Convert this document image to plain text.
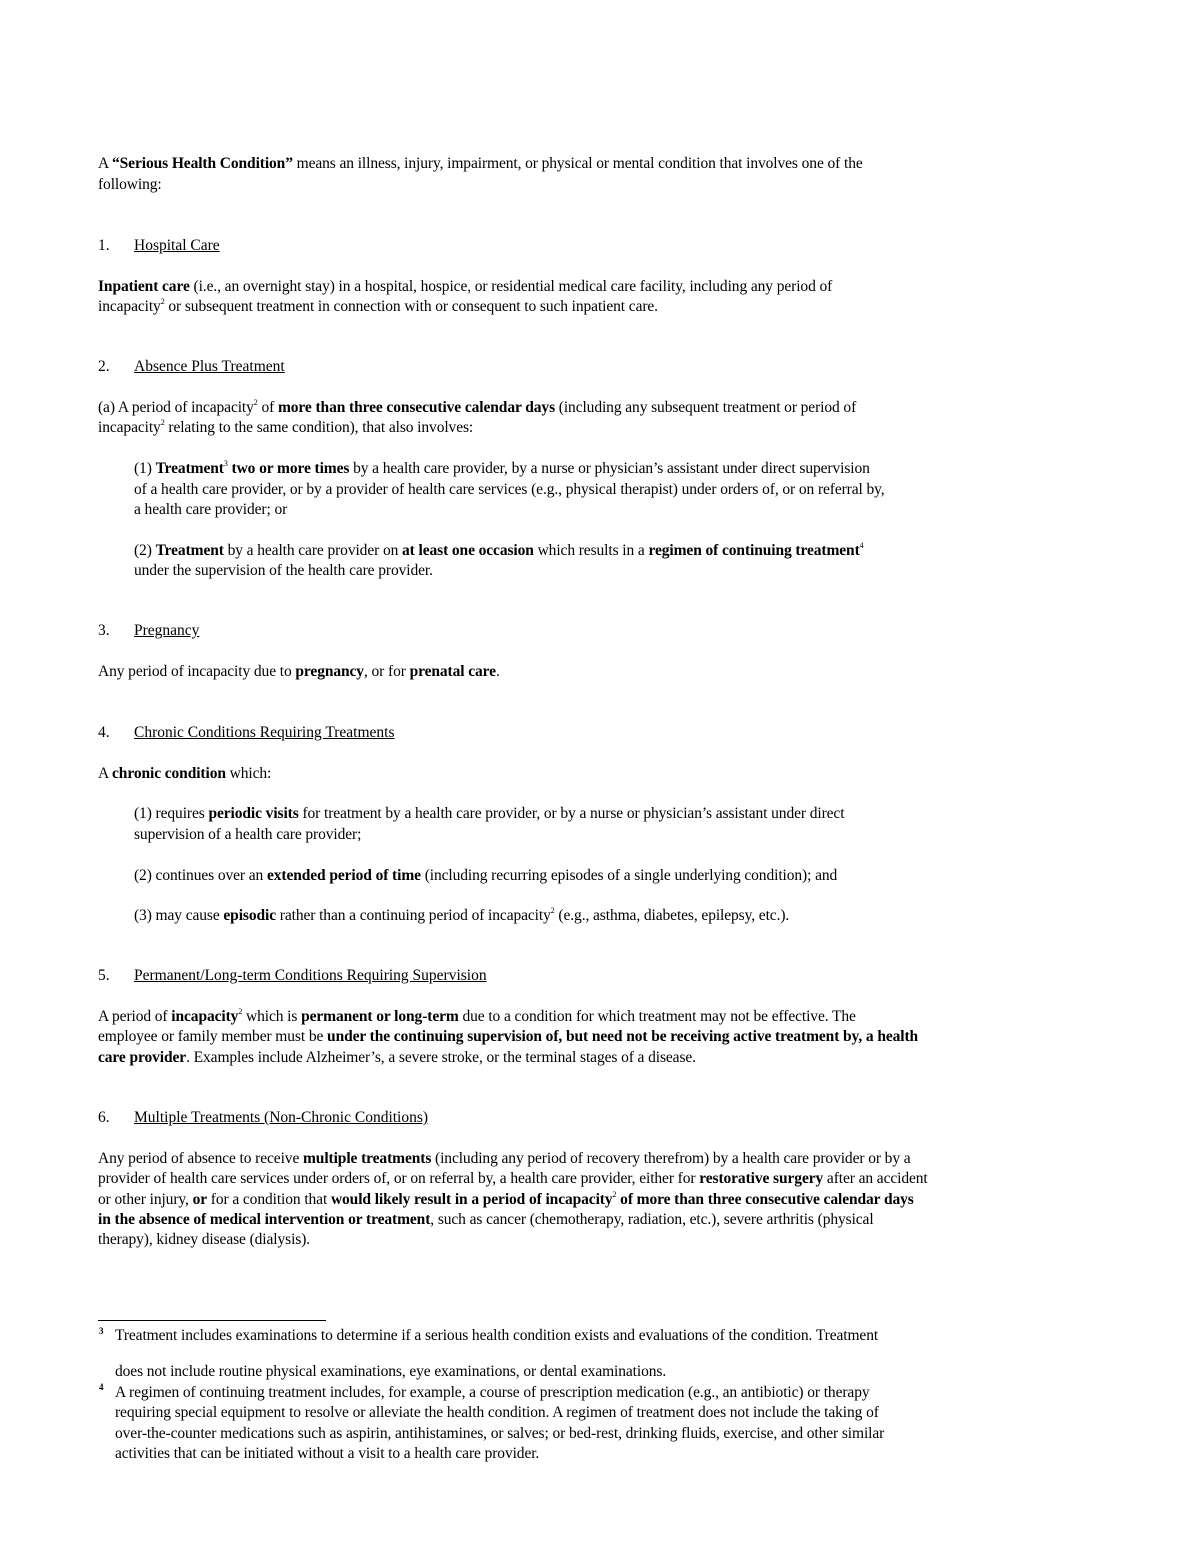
A “Serious Health Condition” means an illness, injury, impairment, or physical or mental condition that involves one of the
following:
1. Hospital Care
Inpatient care (i.e., an overnight stay) in a hospital, hospice, or residential medical care facility, including any period of
incapacity$^2$ or subsequent treatment in connection with or consequent to such inpatient care.
2. Absence Plus Treatment
(a) A period of incapacity$^2$ of more than three consecutive calendar days (including any subsequent treatment or period of
incapacity$^2$ relating to the same condition), that also involves:
(1) Treatment$^3$ two or more times by a health care provider, by a nurse or physician’s assistant under direct supervision
of a health care provider, or by a provider of health care services (e.g., physical therapist) under orders of, or on referral by,
a health care provider; or
(2) Treatment by a health care provider on at least one occasion which results in a regimen of continuing treatment$^4$
under the supervision of the health care provider.
3. Pregnancy
Any period of incapacity due to pregnancy, or for prenatal care.
4. Chronic Conditions Requiring Treatments
A chronic condition which:
(1) requires periodic visits for treatment by a health care provider, or by a nurse or physician’s assistant under direct
supervision of a health care provider;
(2) continues over an extended period of time (including recurring episodes of a single underlying condition); and
(3) may cause episodic rather than a continuing period of incapacity$^2$ (e.g., asthma, diabetes, epilepsy, etc.).
5. Permanent/Long-term Conditions Requiring Supervision
A period of incapacity$^2$ which is permanent or long-term due to a condition for which treatment may not be effective. The
employee or family member must be under the continuing supervision of, but need not be receiving active treatment by, a health
care provider. Examples include Alzheimer’s, a severe stroke, or the terminal stages of a disease.
6. Multiple Treatments (Non-Chronic Conditions)
Any period of absence to receive multiple treatments (including any period of recovery therefrom) by a health care provider or by a
provider of health care services under orders of, or on referral by, a health care provider, either for restorative surgery after an accident
or other injury, or for a condition that would likely result in a period of incapacity$^2$ of more than three consecutive calendar days
in the absence of medical intervention or treatment, such as cancer (chemotherapy, radiation, etc.), severe arthritis (physical
therapy), kidney disease (dialysis).
3 Treatment includes examinations to determine if a serious health condition exists and evaluations of the condition. Treatment
does not include routine physical examinations, eye examinations, or dental examinations.
4 A regimen of continuing treatment includes, for example, a course of prescription medication (e.g., an antibiotic) or therapy
requiring special equipment to resolve or alleviate the health condition. A regimen of treatment does not include the taking of
over-the-counter medications such as aspirin, antihistamines, or salves; or bed-rest, drinking fluids, exercise, and other similar
activities that can be initiated without a visit to a health care provider.
